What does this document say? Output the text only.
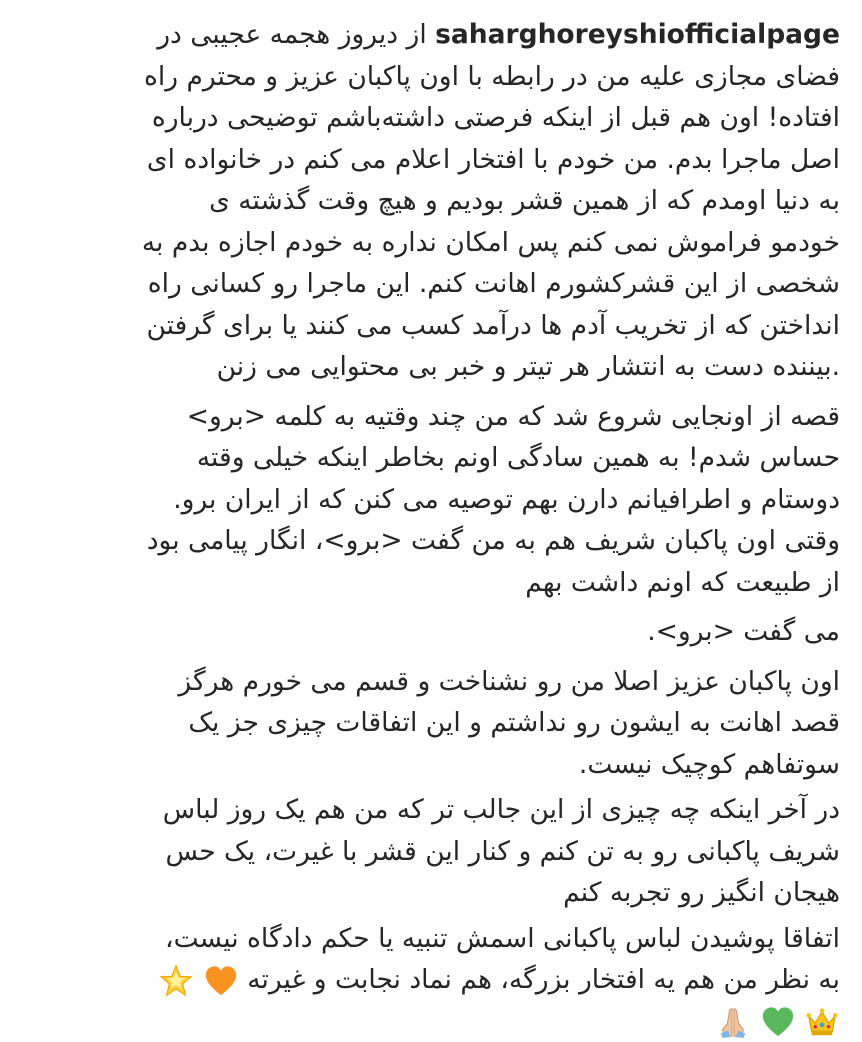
saharghoreyshiofficialpage از دیروز هجمه عجیبی در
فضای مجازی علیه من در رابطه با اون پاکبان عزیز و محترم راه
افتاده! اون هم قبل از اینکه فرصتی داشته‌باشم توضیحی درباره
اصل ماجرا بدم. من خودم با افتخار اعلام می کنم در خانواده ای
به دنیا اومدم که از همین قشر بودیم و هیچ وقت گذشته ی
خودمو فراموش نمی کنم پس امکان نداره به خودم اجازه بدم به
شخصی از این قشرکشورم اهانت کنم. این ماجرا رو کسانی راه
انداختن که از تخریب آدم ها درآمد کسب می کنند یا برای گرفتن
.بیننده دست به انتشار هر تیتر و خبر بی محتوایی می زنن
قصه از اونجایی شروع شد که من چند وقتیه به کلمه <برو>
حساس شدم! به همین سادگی اونم بخاطر اینکه خیلی وقته
دوستام و اطرافیانم دارن بهم توصیه می کنن که از ایران برو.
وقتی اون پاکبان شریف هم به من گفت <برو>، انگار پیامی بود
از طبیعت که اونم داشت بهم
می گفت <برو>.
اون پاکبان عزیز اصلا من رو نشناخت و قسم می خورم هرگز
قصد اهانت به ایشون رو نداشتم و این اتفاقات چیزی جز یک
سوتفاهم کوچیک نیست.
در آخر اینکه چه چیزی از این جالب تر که من هم یک روز لباس
شریف پاکبانی رو به تن کنم و کنار این قشر با غیرت، یک حس
هیجان انگیز رو تجربه کنم
اتفاقا پوشیدن لباس پاکبانی اسمش تنبیه یا حکم دادگاه نیست،
به نظر من هم یه افتخار بزرگه، هم نماد نجابت و غیرته
